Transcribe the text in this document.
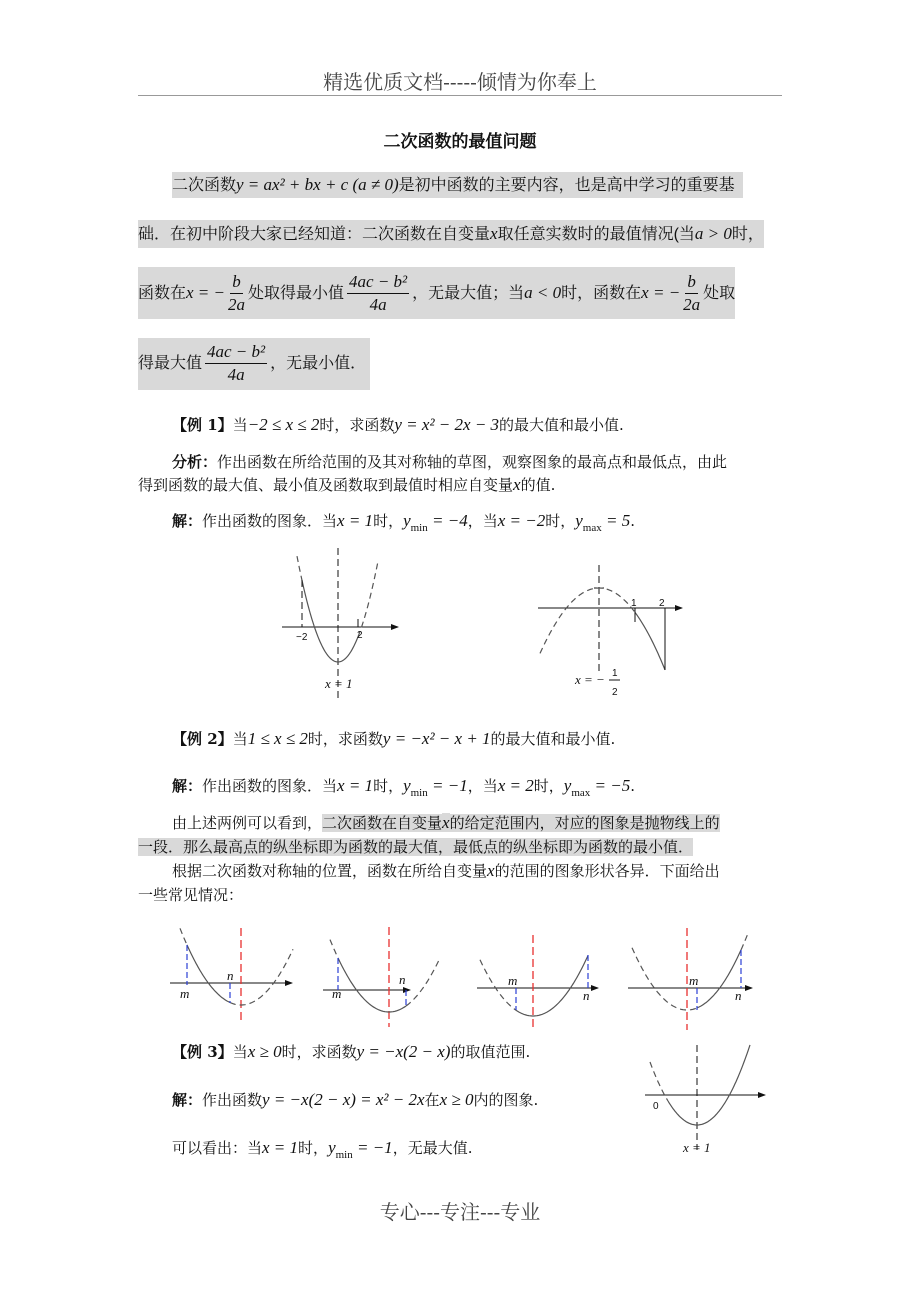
精选优质文档-----倾情为你奉上
二次函数的最值问题
二次函数y = ax² + bx + c (a ≠ 0)是初中函数的主要内容，也是高中学习的重要基
础．在初中阶段大家已经知道：二次函数在自变量x取任意实数时的最值情况(当a > 0时，
函数在x = − $\frac{b}{2a}$ 处取得最小值 $\frac{\text{4ac − b²}}{4a}$ ，无最大值；当a < 0时，函数在x = − $\frac{b}{2a}$ 处取
得最大值 $\frac{\text{4ac − b²}}{4a}$ ，无最小值．
【例 1】当−2 ≤ x ≤ 2时，求函数y = x² − 2x − 3的最大值和最小值.
分析：作出函数在所给范围的及其对称轴的草图，观察图象的最高点和最低点，由此
得到函数的最大值、最小值及函数取到最值时相应自变量x的值.
解：作出函数的图象．当x = 1时，$y_{min} = -4$，当x = −2时，$y_{max} = 5$.
【例 2】当1 ≤ x ≤ 2时，求函数y = −x² − x + 1的最大值和最小值.
解：作出函数的图象．当x = 1时，$y_{min} = -1$，当x = 2时，$y_{max} = -5$.
由上述两例可以看到，二次函数在自变量x的给定范围内，对应的图象是抛物线上的
一段．那么最高点的纵坐标即为函数的最大值，最低点的纵坐标即为函数的最小值．
根据二次函数对称轴的位置，函数在所给自变量x的范围的图象形状各异．下面给出
一些常见情况：
【例 3】当x ≥ 0时，求函数y = −x(2 − x)的取值范围.
解：作出函数y = −x(2 − x) = x² − 2x在x ≥ 0内的图象.
可以看出：当x = 1时，$y_{min} = -1$，无最大值.
−2	2
x = 1
1 2
x = − 1
2
m
n
m
n	m
n
m
n
0
x = 1
专心---专注---专业
